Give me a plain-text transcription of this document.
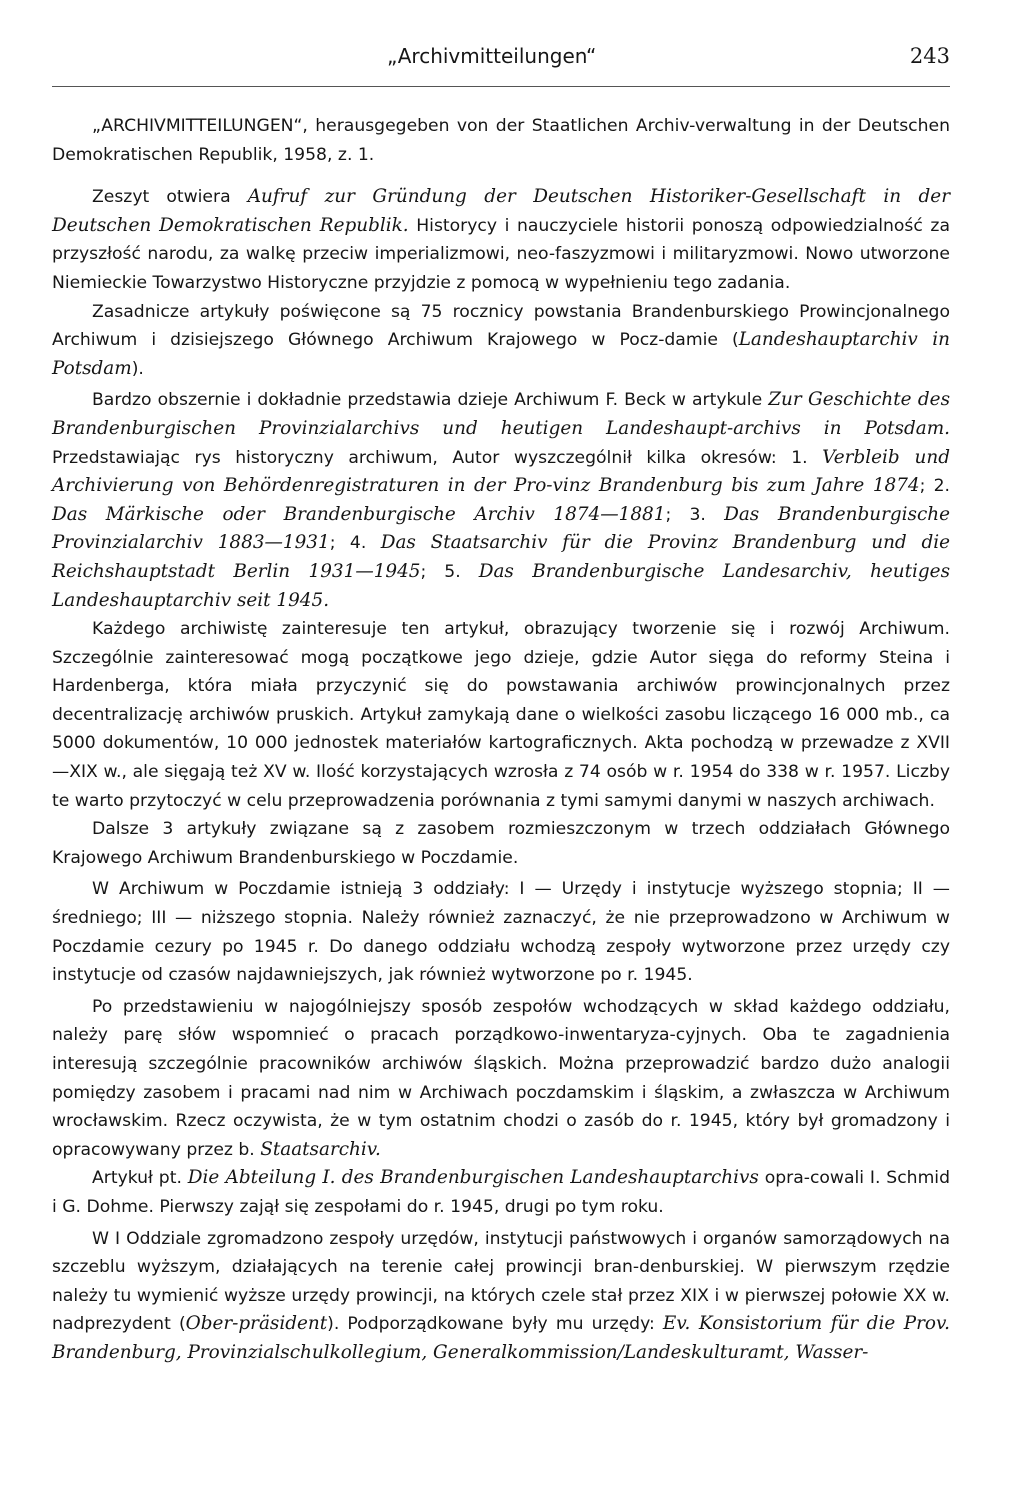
„Archivmitteilungen“	243

„ARCHIVMITTEILUNGEN“, herausgegeben von der Staatlichen Archiv-verwaltung in der Deutschen Demokratischen Republik, 1958, z. 1.

Zeszyt otwiera Aufruf zur Gründung der Deutschen Historiker-Gesellschaft in der Deutschen Demokratischen Republik. Historycy i nauczyciele historii ponoszą odpowiedzialność za przyszłość narodu, za walkę przeciw imperializmowi, neo-faszyzmowi i militaryzmowi. Nowo utworzone Niemieckie Towarzystwo Historyczne przyjdzie z pomocą w wypełnieniu tego zadania.

Zasadnicze artykuły poświęcone są 75 rocznicy powstania Brandenburskiego Prowincjonalnego Archiwum i dzisiejszego Głównego Archiwum Krajowego w Pocz-damie (Landeshauptarchiv in Potsdam).

Bardzo obszernie i dokładnie przedstawia dzieje Archiwum F. Beck w artykule Zur Geschichte des Brandenburgischen Provinzialarchivs und heutigen Landeshaupt-archivs in Potsdam. Przedstawiając rys historyczny archiwum, Autor wyszczególnił kilka okresów: 1. Verbleib und Archivierung von Behördenregistraturen in der Pro-vinz Brandenburg bis zum Jahre 1874; 2. Das Märkische oder Brandenburgische Archiv 1874—1881; 3. Das Brandenburgische Provinzialarchiv 1883—1931; 4. Das Staatsarchiv für die Provinz Brandenburg und die Reichshauptstadt Berlin 1931—1945; 5. Das Brandenburgische Landesarchiv, heutiges Landeshauptarchiv seit 1945.

Każdego archiwistę zainteresuje ten artykuł, obrazujący tworzenie się i rozwój Archiwum. Szczególnie zainteresować mogą początkowe jego dzieje, gdzie Autor sięga do reformy Steina i Hardenberga, która miała przyczynić się do powstawania archiwów prowincjonalnych przez decentralizację archiwów pruskich. Artykuł zamykają dane o wielkości zasobu liczącego 16 000 mb., ca 5000 dokumentów, 10 000 jednostek materiałów kartograficznych. Akta pochodzą w przewadze z XVII—XIX w., ale sięgają też XV w. Ilość korzystających wzrosła z 74 osób w r. 1954 do 338 w r. 1957. Liczby te warto przytoczyć w celu przeprowadzenia porównania z tymi samymi danymi w naszych archiwach.

Dalsze 3 artykuły związane są z zasobem rozmieszczonym w trzech oddziałach Głównego Krajowego Archiwum Brandenburskiego w Poczdamie.

W Archiwum w Poczdamie istnieją 3 oddziały: I — Urzędy i instytucje wyższego stopnia; II — średniego; III — niższego stopnia. Należy również zaznaczyć, że nie przeprowadzono w Archiwum w Poczdamie cezury po 1945 r. Do danego oddziału wchodzą zespoły wytworzone przez urzędy czy instytucje od czasów najdawniejszych, jak również wytworzone po r. 1945.

Po przedstawieniu w najogólniejszy sposób zespołów wchodzących w skład każdego oddziału, należy parę słów wspomnieć o pracach porządkowo-inwentaryza-cyjnych. Oba te zagadnienia interesują szczególnie pracowników archiwów śląskich. Można przeprowadzić bardzo dużo analogii pomiędzy zasobem i pracami nad nim w Archiwach poczdamskim i śląskim, a zwłaszcza w Archiwum wrocławskim. Rzecz oczywista, że w tym ostatnim chodzi o zasób do r. 1945, który był gromadzony i opracowywany przez b. Staatsarchiv.

Artykuł pt. Die Abteilung I. des Brandenburgischen Landeshauptarchivs opra-cowali I. Schmid i G. Dohme. Pierwszy zajął się zespołami do r. 1945, drugi po tym roku.

W I Oddziale zgromadzono zespoły urzędów, instytucji państwowych i organów samorządowych na szczeblu wyższym, działających na terenie całej prowincji bran-denburskiej. W pierwszym rzędzie należy tu wymienić wyższe urzędy prowincji, na których czele stał przez XIX i w pierwszej połowie XX w. nadprezydent (Ober-präsident). Podporządkowane były mu urzędy: Ev. Konsistorium für die Prov. Brandenburg, Provinzialschulkollegium, Generalkommission/Landeskulturamt, Wasser-
